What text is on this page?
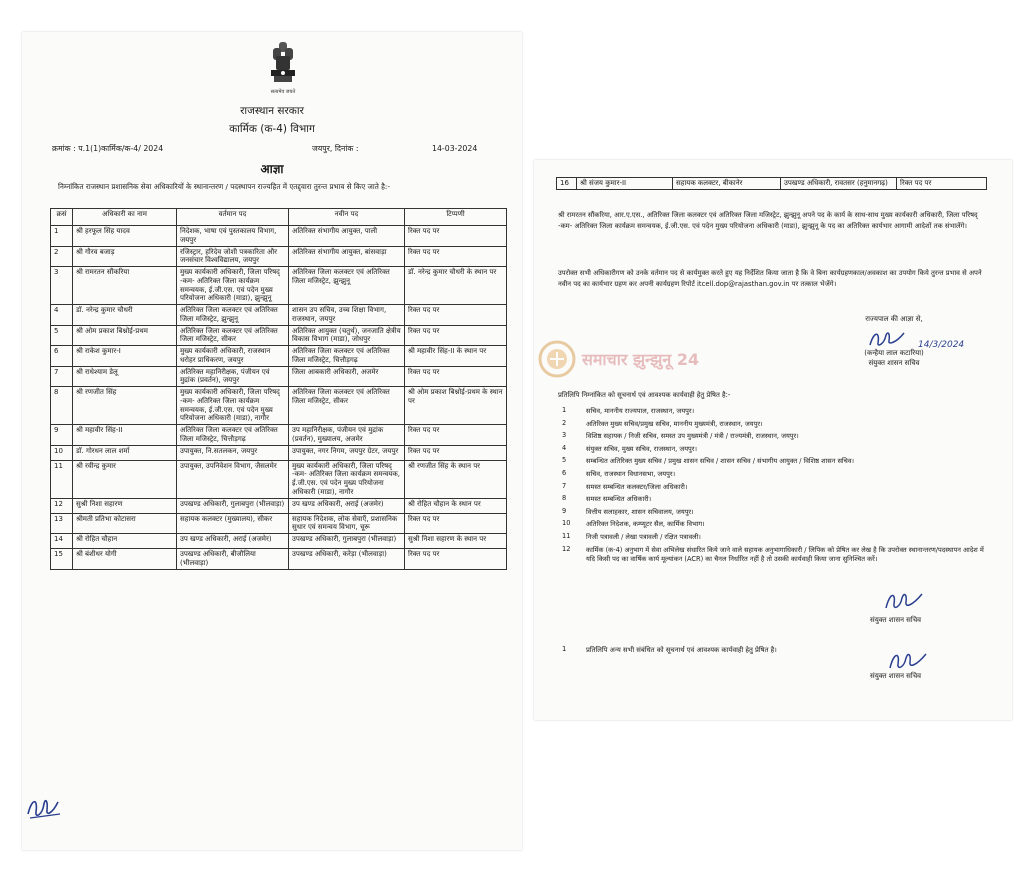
सत्यमेव जयते
राजस्थान सरकार
कार्मिक (क-4) विभाग
क्रमांक : प.1(1)कार्मिक/क-4/ 2024	जयपुर, दिनांक :	14-03-2024
आज्ञा
निम्नांकित राजस्थान प्रशासनिक सेवा अधिकारियों के स्थानान्तरण / पदस्थापन राज्यहित में एतद्द्वारा तुरन्त प्रभाव से किए जाते है:-
क्रसं	अधिकारी का नाम	वर्तमान पद	नवीन पद	टिप्पणी
1	श्री हरफूल सिंह यादव	निदेशक, भाषा एवं पुस्तकालय विभाग, जयपुर	अतिरिक्त संभागीय आयुक्त, पाली	रिक्त पद पर
2	श्री गौरव बजाड़	रजिस्ट्रार, हरिदेव जोशी पत्रकारिता और जनसंचार विश्वविद्यालय, जयपुर	अतिरिक्त संभागीय आयुक्त, बांसवाड़ा	रिक्त पद पर
3	श्री रामरतन सौंकरिया	मुख्य कार्यकारी अधिकारी, जिला परिषद् -कम- अतिरिक्त जिला कार्यक्रम समन्वयक, ई.जी.एस. एवं पदेन मुख्य परियोजना अधिकारी (माडा), झुन्झुनू	अतिरिक्त जिला कलक्टर एवं अतिरिक्त जिला मजिस्ट्रेट, झुन्झुनू	डॉ. नरेन्द्र कुमार चौधरी के स्थान पर
4	डॉ. नरेन्द्र कुमार चौधरी	अतिरिक्त जिला कलक्टर एवं अतिरिक्त जिला मजिस्ट्रेट, झुन्झुनू	शासन उप सचिव, उच्च शिक्षा विभाग, राजस्थान, जयपुर	रिक्त पद पर
5	श्री ओम प्रकाश बिश्नोई-प्रथम	अतिरिक्त जिला कलक्टर एवं अतिरिक्त जिला मजिस्ट्रेट, सीकर	अतिरिक्त आयुक्त (चतुर्थ), जनजाति क्षेत्रीय विकास विभाग (माडा), जोधपुर	रिक्त पद पर
6	श्री राकेश कुमार-I	मुख्य कार्यकारी अधिकारी, राजस्थान धरोहर प्राधिकरण, जयपुर	अतिरिक्त जिला कलक्टर एवं अतिरिक्त जिला मजिस्ट्रेट, चित्तौड़गढ़	श्री महावीर सिंह-II के स्थान पर
7	श्री राधेश्याम डेलू	अतिरिक्त महानिरीक्षक, पंजीयन एवं मुद्रांक (प्रवर्तन), जयपुर	जिला आबकारी अधिकारी, अजमेर	रिक्त पद पर
8	श्री रणजीत सिंह	मुख्य कार्यकारी अधिकारी, जिला परिषद् -कम- अतिरिक्त जिला कार्यक्रम समन्वयक, ई.जी.एस. एवं पदेन मुख्य परियोजना अधिकारी (माडा), नागौर	अतिरिक्त जिला कलक्टर एवं अतिरिक्त जिला मजिस्ट्रेट, सीकर	श्री ओम प्रकाश बिश्नोई-प्रथम के स्थान पर
9	श्री महावीर सिंह-II	अतिरिक्त जिला कलक्टर एवं अतिरिक्त जिला मजिस्ट्रेट, चित्तौड़गढ़	उप महानिरीक्षक, पंजीयन एवं मुद्रांक (प्रवर्तन), मुख्यालय, अजमेर	रिक्त पद पर
10	डॉ. गोरधन लाल शर्मा	उपायुक्त, नि.सतलकन, जयपुर	उपायुक्त, नगर निगम, जयपुर ग्रेटर, जयपुर	रिक्त पद पर
11	श्री रवीन्द्र कुमार	उपायुक्त, उपनिवेशन विभाग, जैसलमेर	मुख्य कार्यकारी अधिकारी, जिला परिषद् -कम- अतिरिक्त जिला कार्यक्रम समन्वयक, ई.जी.एस. एवं पदेन मुख्य परियोजना अधिकारी (माडा), नागौर	श्री रणजीत सिंह के स्थान पर
12	सुश्री निशा सहारण	उपखण्ड अधिकारी, गुलाबपुरा (भीलवाड़ा)	उप खण्ड अधिकारी, अराई (अजमेर)	श्री रोहित चौहान के स्थान पर
13	श्रीमती प्रतिभा कोटासरा	सहायक कलक्टर (मुख्यालय), सीकर	सहायक निदेशक, लोक सेवाएँ, प्रशासनिक सुधार एवं समन्वय विभाग, चूरू	रिक्त पद पर
14	श्री रोहित चौहान	उप खण्ड अधिकारी, अराई (अजमेर)	उपखण्ड अधिकारी, गुलाबपुरा (भीलवाड़ा)	सुश्री निशा सहारण के स्थान पर
15	श्री बंशीधर योगी	उपखण्ड अधिकारी, बीजौलिया (भीलवाड़ा)	उपखण्ड अधिकारी, करेड़ा (भीलवाड़ा)	रिक्त पद पर
16	श्री संजय कुमार-II	सहायक कलक्टर, बीकानेर	उपखण्ड अधिकारी, रावतसर (हनुमानगढ़)	रिक्त पद पर
श्री रामरतन सौंकरिया, आर.ए.एस., अतिरिक्त जिला कलक्टर एवं अतिरिक्त जिला मजिस्ट्रेट, झुन्झुनू अपने पद के कार्य के साथ-साथ मुख्य कार्यकारी अधिकारी, जिला परिषद् -कम- अतिरिक्त जिला कार्यक्रम समन्वयक, ई.जी.एस. एवं पदेन मुख्य परियोजना अधिकारी (माडा), झुन्झुनू के पद का अतिरिक्त कार्यभार आगामी आदेशों तक संभालेंगे।
उपरोक्त सभी अधिकारीगण को उनके वर्तमान पद से कार्यमुक्त करते हुए यह निर्देशित किया जाता है कि वे बिना कार्यग्रहणकाल/अवकाश का उपयोग किये तुरन्त प्रभाव से अपने नवीन पद का कार्यभार ग्रहण कर अपनी कार्यग्रहण रिपोर्ट itcell.dop@rajasthan.gov.in पर तत्काल भेजेंगे।
राज्यपाल की आज्ञा से,
(कन्हैया लाल कटारिया)
संयुक्त शासन सचिव
14/3/2024
प्रतिलिपि निम्नांकित को सूचनार्थ एवं आवश्यक कार्यवाही हेतु प्रेषित है:-
1	सचिव, माननीय राज्यपाल, राजस्थान, जयपुर।
2	अतिरिक्त मुख्य सचिव/प्रमुख सचिव, माननीय मुख्यमंत्री, राजस्थान, जयपुर।
3	विशिष्ठ सहायक / निजी सचिव, समस्त उप मुख्यमंत्री / मंत्री / राज्यमंत्री, राजस्थान, जयपुर।
4	संयुक्त सचिव, मुख्य सचिव, राजस्थान, जयपुर।
5	सम्बन्धित अतिरिक्त मुख्य सचिव / प्रमुख शासन सचिव / शासन सचिव / संभागीय आयुक्त / विशिष्ठ शासन सचिव।
6	सचिव, राजस्थान विधानसभा, जयपुर।
7	समस्त सम्बन्धित कलक्टर/जिला अधिकारी।
8	समस्त सम्बन्धित अधिकारी।
9	वित्तीय सलाहकार, शासन सचिवालय, जयपुर।
10	अतिरिक्त निदेशक, कम्प्यूटर सैल, कार्मिक विभाग।
11	निजी पत्रावली / लेखा पत्रावली / रक्षित पत्रावली।
12	कार्मिक (क-4) अनुभाग में सेवा अभिलेख संधारित किये जाने वाले सहायक अनुभागाधिकारी / लिपिक को प्रेषित कर लेख है कि उपरोक्त स्थानान्तरण/पदस्थापन आदेश में यदि किसी पद का वार्षिक कार्य मूल्यांकन (ACR) का चैनल निर्धारित नहीं है तो उसकी कार्यवाही किया जाना सुनिश्चित करें।
संयुक्त शासन सचिव
1	प्रतिलिपि अन्य सभी संबंधित को सूचनार्थ एवं आवश्यक कार्यवाही हेतु प्रेषित है।
संयुक्त शासन सचिव
समाचार झुन्झुनू 24
